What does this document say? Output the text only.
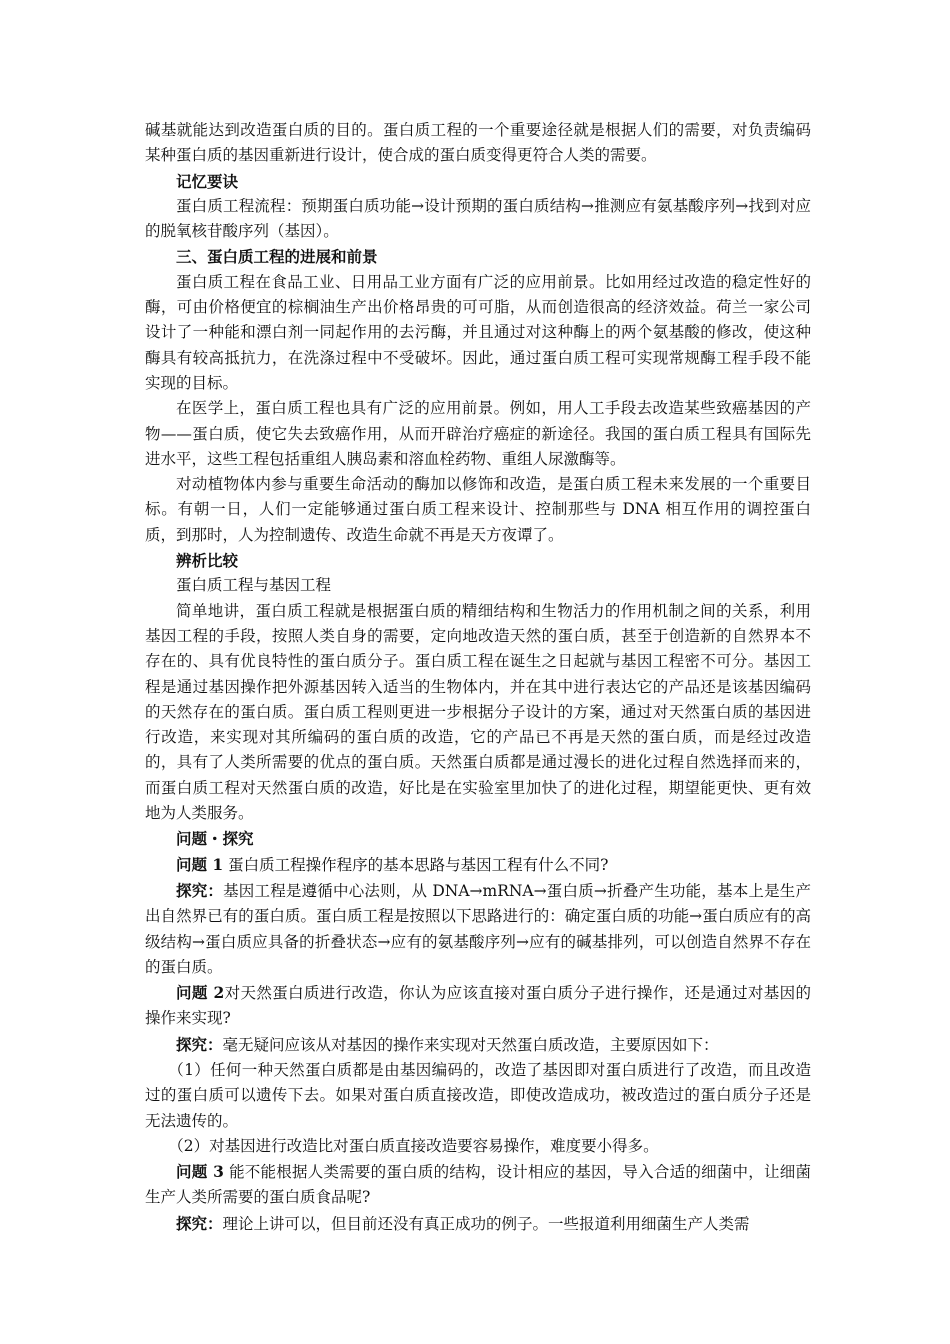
碱基就能达到改造蛋白质的目的。蛋白质工程的一个重要途径就是根据人们的需要，对负责编码某种蛋白质的基因重新进行设计，使合成的蛋白质变得更符合人类的需要。

记忆要诀

蛋白质工程流程：预期蛋白质功能→设计预期的蛋白质结构→推测应有氨基酸序列→找到对应的脱氧核苷酸序列（基因）。

三、蛋白质工程的进展和前景

蛋白质工程在食品工业、日用品工业方面有广泛的应用前景。比如用经过改造的稳定性好的酶，可由价格便宜的棕榈油生产出价格昂贵的可可脂，从而创造很高的经济效益。荷兰一家公司设计了一种能和漂白剂一同起作用的去污酶，并且通过对这种酶上的两个氨基酸的修改，使这种酶具有较高抵抗力，在洗涤过程中不受破坏。因此，通过蛋白质工程可实现常规酶工程手段不能实现的目标。

在医学上，蛋白质工程也具有广泛的应用前景。例如，用人工手段去改造某些致癌基因的产物——蛋白质，使它失去致癌作用，从而开辟治疗癌症的新途径。我国的蛋白质工程具有国际先进水平，这些工程包括重组人胰岛素和溶血栓药物、重组人尿激酶等。

对动植物体内参与重要生命活动的酶加以修饰和改造，是蛋白质工程未来发展的一个重要目标。有朝一日，人们一定能够通过蛋白质工程来设计、控制那些与 DNA 相互作用的调控蛋白质，到那时，人为控制遗传、改造生命就不再是天方夜谭了。

辨析比较

蛋白质工程与基因工程

简单地讲，蛋白质工程就是根据蛋白质的精细结构和生物活力的作用机制之间的关系，利用基因工程的手段，按照人类自身的需要，定向地改造天然的蛋白质，甚至于创造新的自然界本不存在的、具有优良特性的蛋白质分子。蛋白质工程在诞生之日起就与基因工程密不可分。基因工程是通过基因操作把外源基因转入适当的生物体内，并在其中进行表达它的产品还是该基因编码的天然存在的蛋白质。蛋白质工程则更进一步根据分子设计的方案，通过对天然蛋白质的基因进行改造，来实现对其所编码的蛋白质的改造，它的产品已不再是天然的蛋白质，而是经过改造的，具有了人类所需要的优点的蛋白质。天然蛋白质都是通过漫长的进化过程自然选择而来的，而蛋白质工程对天然蛋白质的改造，好比是在实验室里加快了的进化过程，期望能更快、更有效地为人类服务。

问题・探究

问题 1 蛋白质工程操作程序的基本思路与基因工程有什么不同?

探究：基因工程是遵循中心法则，从 DNA→mRNA→蛋白质→折叠产生功能，基本上是生产出自然界已有的蛋白质。蛋白质工程是按照以下思路进行的：确定蛋白质的功能→蛋白质应有的高级结构→蛋白质应具备的折叠状态→应有的氨基酸序列→应有的碱基排列，可以创造自然界不存在的蛋白质。

问题 2对天然蛋白质进行改造，你认为应该直接对蛋白质分子进行操作，还是通过对基因的操作来实现?

探究：毫无疑问应该从对基因的操作来实现对天然蛋白质改造，主要原因如下：

（1）任何一种天然蛋白质都是由基因编码的，改造了基因即对蛋白质进行了改造，而且改造过的蛋白质可以遗传下去。如果对蛋白质直接改造，即使改造成功，被改造过的蛋白质分子还是无法遗传的。

（2）对基因进行改造比对蛋白质直接改造要容易操作，难度要小得多。

问题 3 能不能根据人类需要的蛋白质的结构，设计相应的基因，导入合适的细菌中，让细菌生产人类所需要的蛋白质食品呢?

探究：理论上讲可以，但目前还没有真正成功的例子。一些报道利用细菌生产人类需
